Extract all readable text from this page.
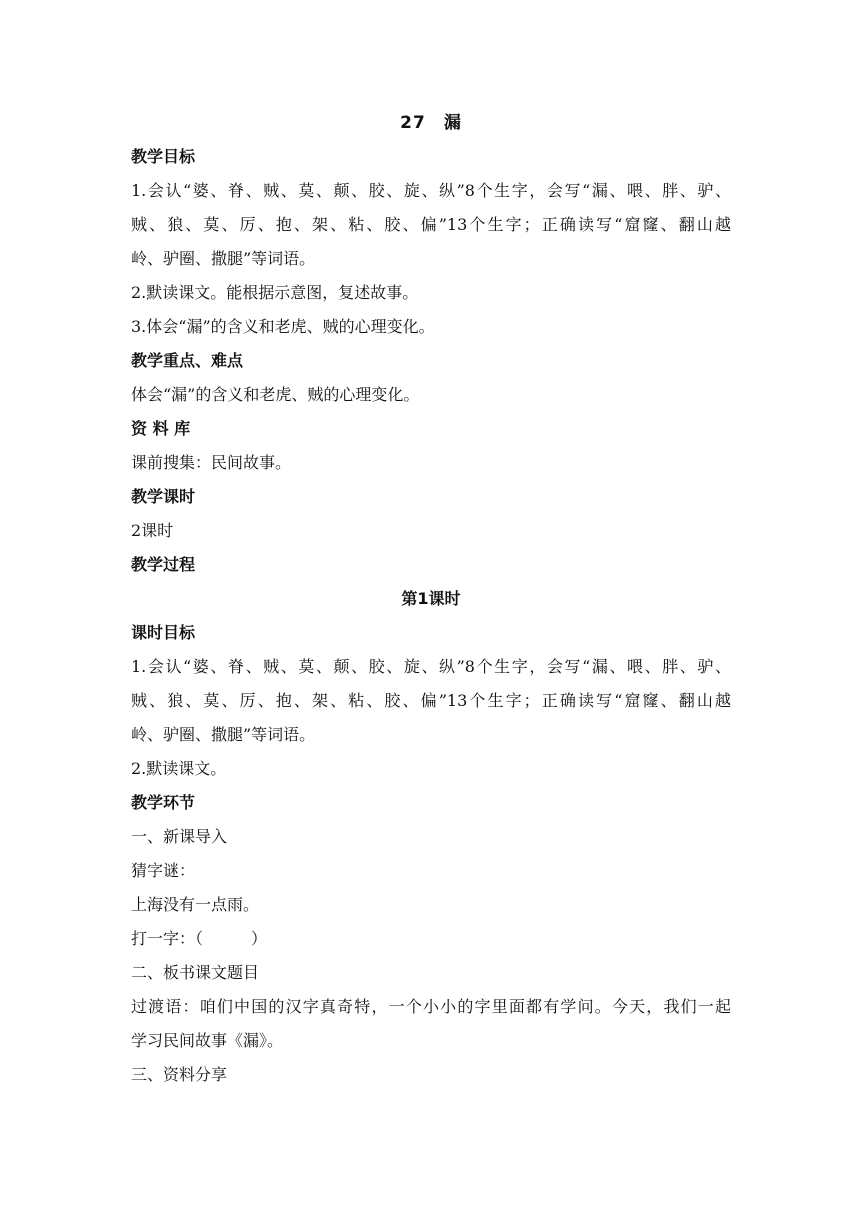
27　漏
教学目标
1.会认“婆、脊、贼、莫、颠、胶、旋、纵”8个生字，会写“漏、喂、胖、驴、
贼、狼、莫、厉、抱、架、粘、胶、偏”13个生字；正确读写“窟窿、翻山越
岭、驴圈、撒腿”等词语。
2.默读课文。能根据示意图，复述故事。
3.体会“漏”的含义和老虎、贼的心理变化。
教学重点、难点
体会“漏”的含义和老虎、贼的心理变化。
资 料 库
课前搜集：民间故事。
教学课时
2课时
教学过程
第1课时
课时目标
1.会认“婆、脊、贼、莫、颠、胶、旋、纵”8个生字，会写“漏、喂、胖、驴、
贼、狼、莫、厉、抱、架、粘、胶、偏”13个生字；正确读写“窟窿、翻山越
岭、驴圈、撒腿”等词语。
2.默读课文。
教学环节
一、新课导入
猜字谜：
上海没有一点雨。
打一字：（　　　）
二、板书课文题目
过渡语：咱们中国的汉字真奇特，一个小小的字里面都有学问。今天，我们一起
学习民间故事《漏》。
三、资料分享
